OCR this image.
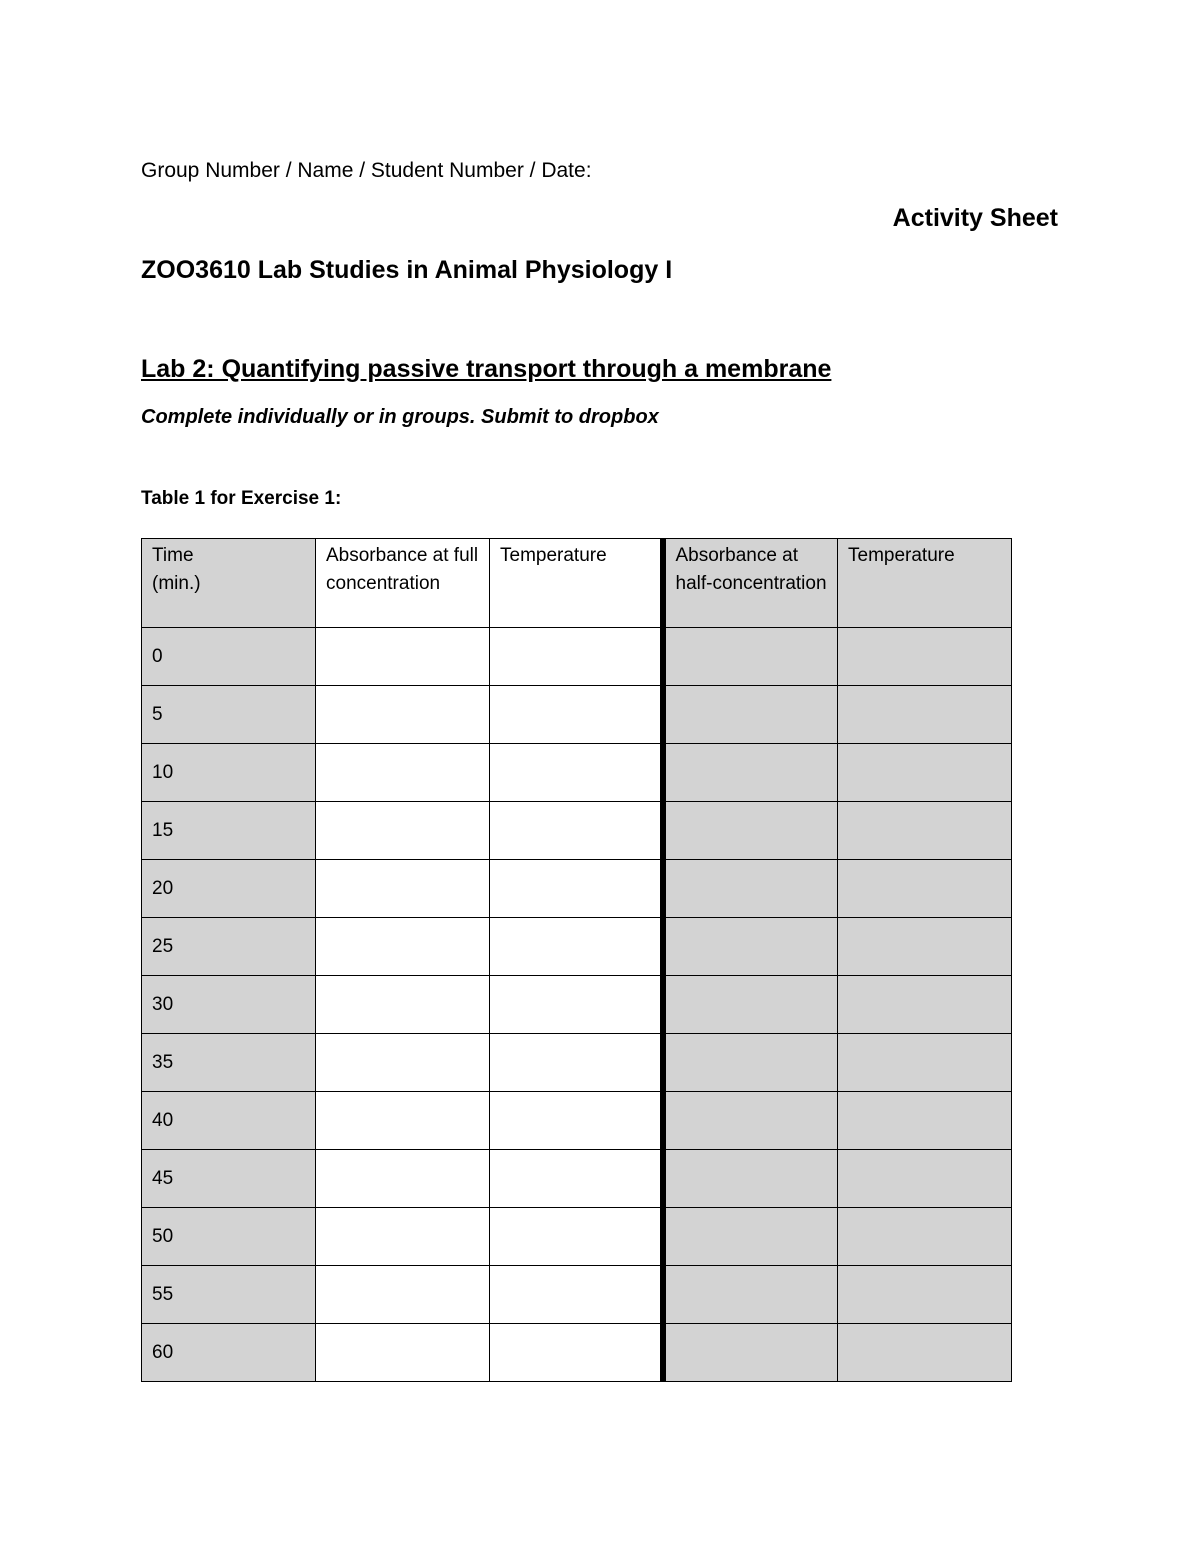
Group Number / Name / Student Number / Date:
Activity Sheet
ZOO3610 Lab Studies in Animal Physiology I
Lab 2: Quantifying passive transport through a membrane
Complete individually or in groups. Submit to dropbox
Table 1 for Exercise 1:
Time
(min.)	Absorbance at full concentration	Temperature	Absorbance at half-concentration	Temperature
0				
5				
10				
15				
20				
25				
30				
35				
40				
45				
50				
55				
60				
